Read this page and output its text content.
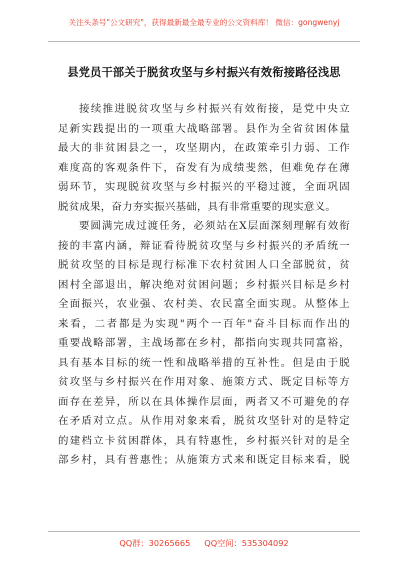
关注头条号"公文研究"，获得最新最全最专业的公文资料库！ 微信：gongwenyj
县党员干部关于脱贫攻坚与乡村振兴有效衔接路径浅思
接续推进脱贫攻坚与乡村振兴有效衔接，是党中央立
足新实践提出的一项重大战略部署。县作为全省贫困体量
最大的非贫困县之一，攻坚期内，在政策牵引力弱、工作
难度高的客观条件下，奋发有为成绩斐然，但难免存在薄
弱环节，实现脱贫攻坚与乡村振兴的平稳过渡，全面巩固
脱贫成果，奋力夯实振兴基础，具有非常重要的现实意义。
要圆满完成过渡任务，必须站在X层面深刻理解有效衔
接的丰富内涵，辩证看待脱贫攻坚与乡村振兴的矛盾统一
脱贫攻坚的目标是现行标准下农村贫困人口全部脱贫，贫
困村全部退出，解决绝对贫困问题；乡村振兴目标是乡村
全面振兴，农业强、农村美、农民富全面实现。从整体上
来看，二者都是为实现"两个一百年"奋斗目标而作出的
重要战略部署，主战场都在乡村，都指向实现共同富裕，
具有基本目标的统一性和战略举措的互补性。但是由于脱
贫攻坚与乡村振兴在作用对象、施策方式、既定目标等方
面存在差异，所以在具体操作层面，两者又不可避免的存
在矛盾对立点。从作用对象来看，脱贫攻坚针对的是特定
的建档立卡贫困群体，具有特惠性，乡村振兴针对的是全
部乡村，具有普惠性；从施策方式来和既定目标来看，脱
QQ群：30265665 QQ空间：535304092
